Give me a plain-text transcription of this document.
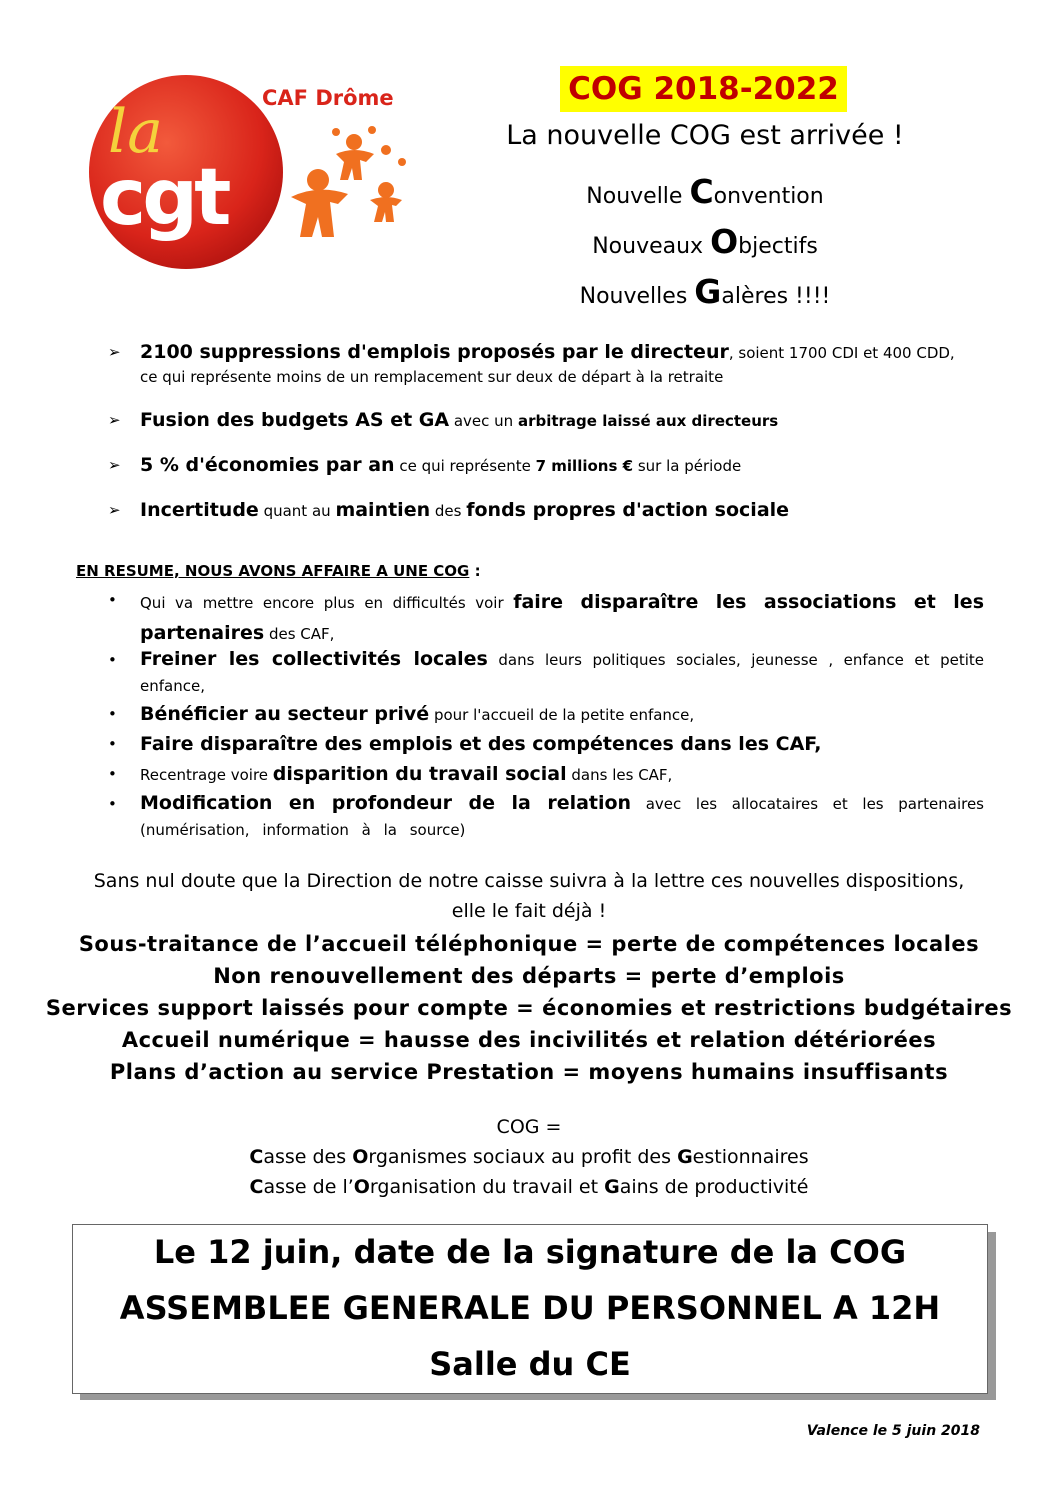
la
cgt
CAF Drôme	COG 2018-2022
La nouvelle COG est arrivée !
Nouvelle Convention
Nouveaux Objectifs
Nouvelles Galères !!!!
➢ 2100 suppressions d'emplois proposés par le directeur, soient 1700 CDI et 400 CDD,
ce qui représente moins de un remplacement sur deux de départ à la retraite
➢ Fusion des budgets AS et GA avec un arbitrage laissé aux directeurs
➢ 5 % d'économies par an ce qui représente 7 millions € sur la période
➢ Incertitude quant au maintien des fonds propres d'action sociale
EN RESUME, NOUS AVONS AFFAIRE A UNE COG :
• Qui va mettre encore plus en difficultés voir faire disparaître les associations et les partenaires des CAF,
• Freiner les collectivités locales dans leurs politiques sociales, jeunesse , enfance et petite enfance,
• Bénéficier au secteur privé pour l'accueil de la petite enfance,
• Faire disparaître des emplois et des compétences dans les CAF,
• Recentrage voire disparition du travail social dans les CAF,
• Modification en profondeur de la relation avec les allocataires et les partenaires (numérisation, information à la source)
Sans nul doute que la Direction de notre caisse suivra à la lettre ces nouvelles dispositions,
elle le fait déjà !
Sous-traitance de l’accueil téléphonique = perte de compétences locales
Non renouvellement des départs = perte d’emplois
Services support laissés pour compte = économies et restrictions budgétaires
Accueil numérique = hausse des incivilités et relation détériorées
Plans d’action au service Prestation = moyens humains insuffisants
COG =
Casse des Organismes sociaux au profit des Gestionnaires
Casse de l’Organisation du travail et Gains de productivité
Le 12 juin, date de la signature de la COG
ASSEMBLEE GENERALE DU PERSONNEL A 12H
Salle du CE
Valence le 5 juin 2018
